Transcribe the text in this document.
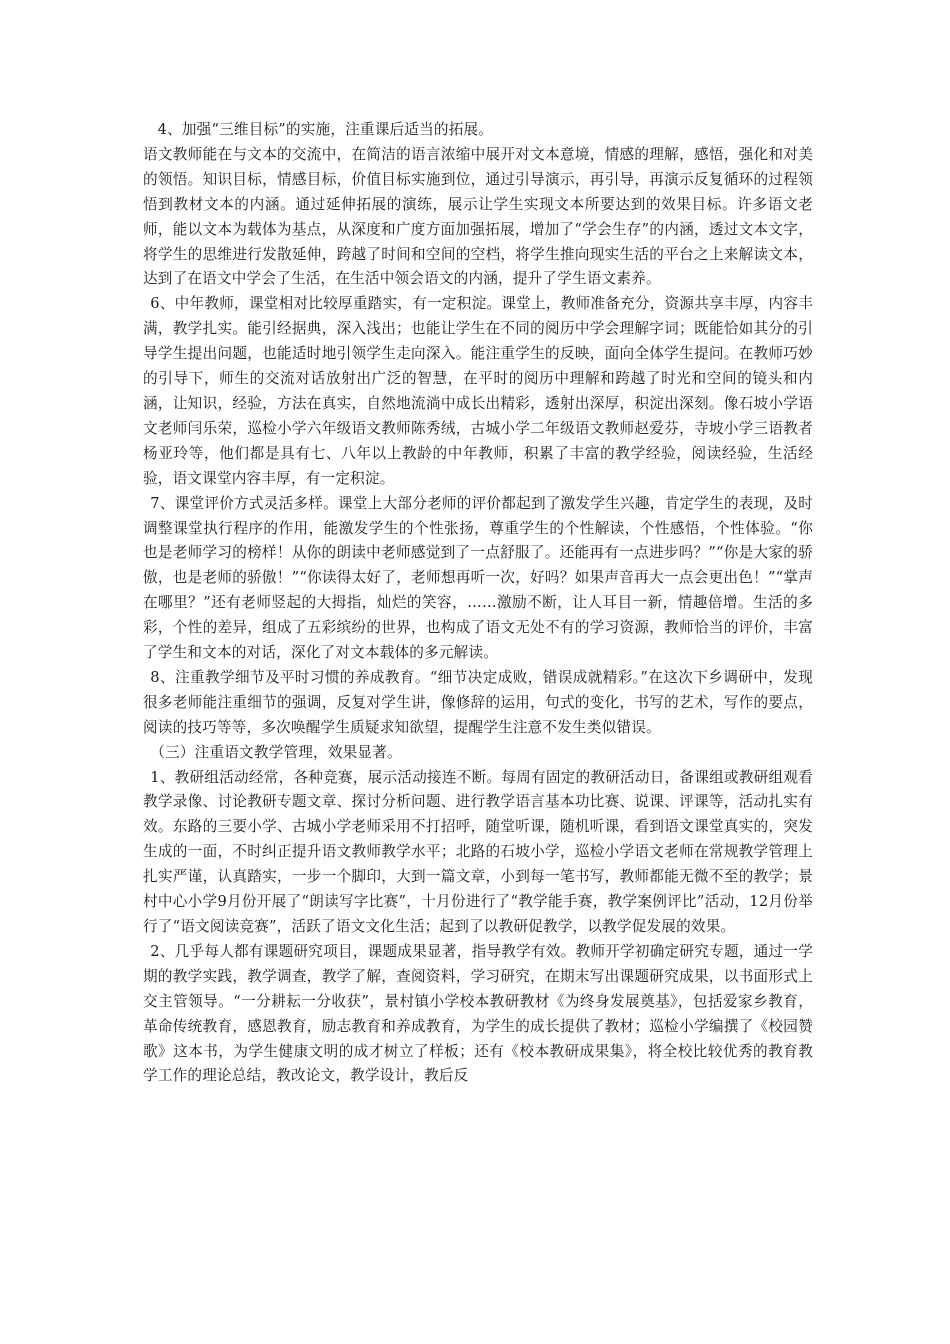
4、加强“三维目标”的实施，注重课后适当的拓展。

语文教师能在与文本的交流中，在简洁的语言浓缩中展开对文本意境，情感的理解，感悟，强化和对美的领悟。知识目标，情感目标，价值目标实施到位，通过引导演示，再引导，再演示反复循环的过程领悟到教材文本的内涵。通过延伸拓展的演练，展示让学生实现文本所要达到的效果目标。许多语文老师，能以文本为载体为基点，从深度和广度方面加强拓展，增加了“学会生存”的内涵，透过文本文字，将学生的思维进行发散延伸，跨越了时间和空间的空档，将学生推向现实生活的平台之上来解读文本，达到了在语文中学会了生活，在生活中领会语文的内涵，提升了学生语文素养。

6、中年教师，课堂相对比较厚重踏实，有一定积淀。课堂上，教师准备充分，资源共享丰厚，内容丰满，教学扎实。能引经据典，深入浅出；也能让学生在不同的阅历中学会理解字词；既能恰如其分的引导学生提出问题，也能适时地引领学生走向深入。能注重学生的反映，面向全体学生提问。在教师巧妙的引导下，师生的交流对话放射出广泛的智慧，在平时的阅历中理解和跨越了时光和空间的镜头和内涵，让知识，经验，方法在真实，自然地流淌中成长出精彩，透射出深厚，积淀出深刻。像石坡小学语文老师闫乐荣，巡检小学六年级语文教师陈秀绒，古城小学二年级语文教师赵爱芬，寺坡小学三语教者杨亚玲等，他们都是具有七、八年以上教龄的中年教师，积累了丰富的教学经验，阅读经验，生活经验，语文课堂内容丰厚，有一定积淀。

7、课堂评价方式灵活多样。课堂上大部分老师的评价都起到了激发学生兴趣，肯定学生的表现，及时调整课堂执行程序的作用，能激发学生的个性张扬，尊重学生的个性解读，个性感悟，个性体验。“你也是老师学习的榜样！从你的朗读中老师感觉到了一点舒服了。还能再有一点进步吗？”“你是大家的骄傲，也是老师的骄傲！”“你读得太好了，老师想再听一次，好吗？如果声音再大一点会更出色！”“掌声在哪里？”还有老师竖起的大拇指，灿烂的笑容，……激励不断，让人耳目一新，情趣倍增。生活的多彩，个性的差异，组成了五彩缤纷的世界，也构成了语文无处不有的学习资源，教师恰当的评价，丰富了学生和文本的对话，深化了对文本载体的多元解读。

8、注重教学细节及平时习惯的养成教育。“细节决定成败，错误成就精彩。”在这次下乡调研中，发现很多老师能注重细节的强调，反复对学生讲，像修辞的运用，句式的变化，书写的艺术，写作的要点，阅读的技巧等等，多次唤醒学生质疑求知欲望，提醒学生注意不发生类似错误。

（三）注重语文教学管理，效果显著。

1、教研组活动经常，各种竞赛，展示活动接连不断。每周有固定的教研活动日，备课组或教研组观看教学录像、讨论教研专题文章、探讨分析问题、进行教学语言基本功比赛、说课、评课等，活动扎实有效。东路的三要小学、古城小学老师采用不打招呼，随堂听课，随机听课，看到语文课堂真实的，突发生成的一面，不时纠正提升语文教师教学水平；北路的石坡小学，巡检小学语文老师在常规教学管理上扎实严谨，认真踏实，一步一个脚印，大到一篇文章，小到每一笔书写，教师都能无微不至的教学；景村中心小学9月份开展了“朗读写字比赛”，十月份进行了“教学能手赛，教学案例评比”活动，12月份举行了“语文阅读竞赛”，活跃了语文文化生活；起到了以教研促教学，以教学促发展的效果。

2、几乎每人都有课题研究项目，课题成果显著，指导教学有效。教师开学初确定研究专题，通过一学期的教学实践，教学调查，教学了解，查阅资料，学习研究，在期末写出课题研究成果，以书面形式上交主管领导。“一分耕耘一分收获”，景村镇小学校本教研教材《为终身发展奠基》，包括爱家乡教育，革命传统教育，感恩教育，励志教育和养成教育，为学生的成长提供了教材；巡检小学编撰了《校园赞歌》这本书，为学生健康文明的成才树立了样板；还有《校本教研成果集》，将全校比较优秀的教育教学工作的理论总结，教改论文，教学设计，教后反
